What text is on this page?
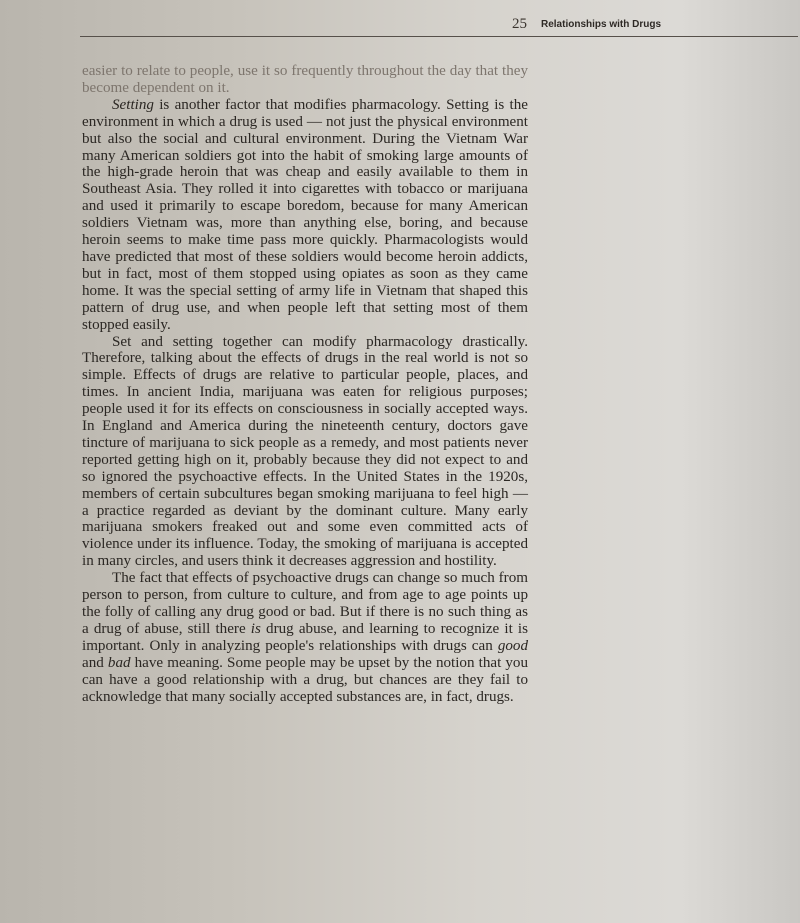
25 Relationships with Drugs

easier to relate to people, use it so frequently throughout the day that they become dependent on it.

Setting is another factor that modifies pharmacology. Setting is the environment in which a drug is used — not just the physical environment but also the social and cultural environment. During the Vietnam War many American soldiers got into the habit of smoking large amounts of the high-grade heroin that was cheap and easily available to them in Southeast Asia. They rolled it into cigarettes with tobacco or marijuana and used it primarily to escape boredom, because for many American soldiers Vietnam was, more than anything else, boring, and because heroin seems to make time pass more quickly. Pharmacologists would have predicted that most of these soldiers would become heroin addicts, but in fact, most of them stopped using opiates as soon as they came home. It was the special setting of army life in Vietnam that shaped this pattern of drug use, and when people left that setting most of them stopped easily.

Set and setting together can modify pharmacology drastically. Therefore, talking about the effects of drugs in the real world is not so simple. Effects of drugs are relative to particular people, places, and times. In ancient India, marijuana was eaten for religious purposes; people used it for its effects on consciousness in socially accepted ways. In England and America during the nineteenth century, doctors gave tincture of marijuana to sick people as a remedy, and most patients never reported getting high on it, probably because they did not expect to and so ignored the psychoactive effects. In the United States in the 1920s, members of certain subcultures began smoking marijuana to feel high — a practice regarded as deviant by the dominant culture. Many early marijuana smokers freaked out and some even committed acts of violence under its influence. Today, the smoking of marijuana is accepted in many circles, and users think it decreases aggression and hostility.

The fact that effects of psychoactive drugs can change so much from person to person, from culture to culture, and from age to age points up the folly of calling any drug good or bad. But if there is no such thing as a drug of abuse, still there is drug abuse, and learning to recognize it is important. Only in analyzing people's relationships with drugs can good and bad have meaning. Some people may be upset by the notion that you can have a good relationship with a drug, but chances are they fail to acknowledge that many socially accepted substances are, in fact, drugs.
